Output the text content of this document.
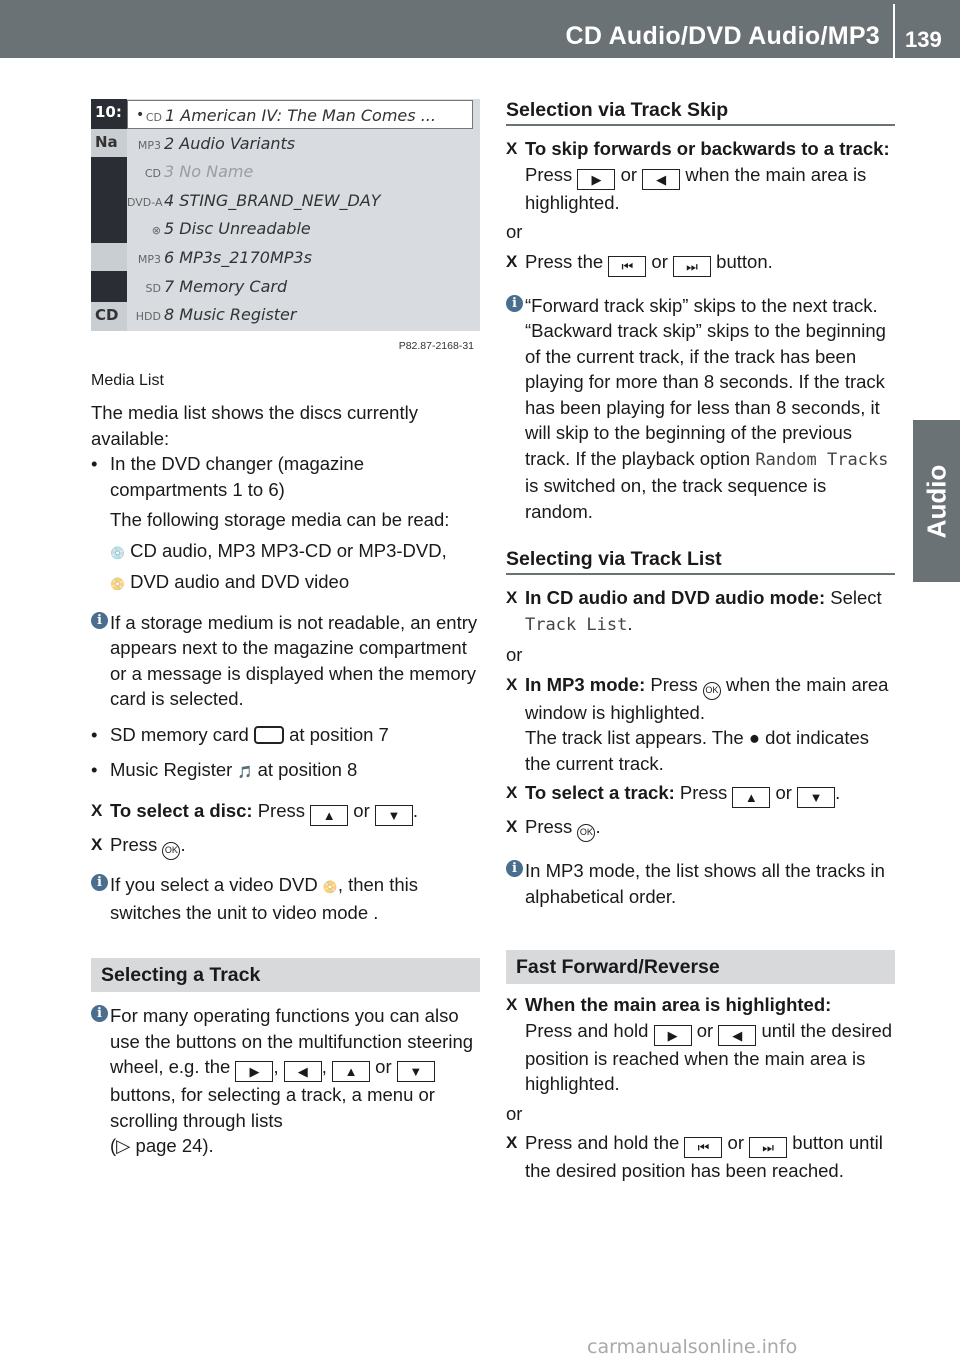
CD Audio/DVD Audio/MP3 139
Audio
10:
Na
CD
• CD 1 American IV: The Man Comes ...
MP3 2 Audio Variants
CD 3 No Name
DVD-A4 STING_BRAND_NEW_DAY
⊗ 5 Disc Unreadable
MP3 6 MP3s_2170MP3s
SD 7 Memory Card
HDD 8 Music Register
P82.87-2168-31
Media List

The media list shows the discs currently available:

• In the DVD changer (magazine compartments 1 to 6)

The following storage media can be read:

💿 CD audio, MP3 MP3-CD or MP3-DVD,

📀 DVD audio and DVD video

i If a storage medium is not readable, an entry appears next to the magazine compartment or a message is displayed when the memory card is selected.

• SD memory card at position 7

• Music Register 🎵 at position 8

X To select a disc: Press ▲ or ▼ .

X Press OK .

i If you select a video DVD 📀, then this switches the unit to video mode .

Selecting a Track

i For many operating functions you can also use the buttons on the multifunction steering wheel, e.g. the ▶ , ◀ , ▲ or ▼ buttons, for selecting a track, a menu or scrolling through lists
(▷ page 24).

Selection via Track Skip

X To skip forwards or backwards to a track: Press ▶ or ◀ when the main area is highlighted.

or

X Press the ⏮ or ⏭ button.

i “Forward track skip” skips to the next track. “Backward track skip” skips to the beginning of the current track, if the track has been playing for more than 8 seconds. If the track has been playing for less than 8 seconds, it will skip to the beginning of the previous track. If the playback option Random Tracks is switched on, the track sequence is random.

Selecting via Track List

X In CD audio and DVD audio mode: Select Track List.

or

X In MP3 mode: Press OK when the main area window is highlighted.

The track list appears. The ● dot indicates the current track.

X To select a track: Press ▲ or ▼ .

X Press OK .

i In MP3 mode, the list shows all the tracks in alphabetical order.

Fast Forward/Reverse

X When the main area is highlighted:
Press and hold ▶ or ◀ until the desired position is reached when the main area is highlighted.

or

X Press and hold the ⏮ or ⏭ button until the desired position has been reached.

carmanualsonline.info
